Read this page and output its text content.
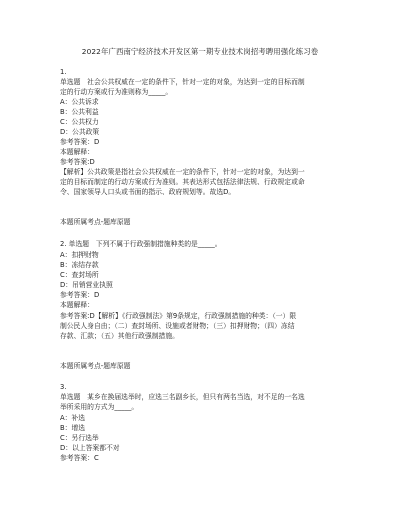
2022年广西南宁经济技术开发区第一期专业技术岗招考聘用强化练习卷
1.
单选题　社会公共权威在一定的条件下，针对一定的对象，为达到一定的目标而制
定的行动方案或行为准则称为_____。
A：公共诉求
B：公共利益
C：公共权力
D：公共政策
参考答案：D
本题解释：
参考答案:D
【解析】公共政策是指社会公共权威在一定的条件下，针对一定的对象，为达到一
定的目标而制定的行动方案或行为准则。其表达形式包括法律法规、行政规定或命
令、国家领导人口头或书面的指示、政府规划等。故选D。
本题所属考点-题库原题
2. 单选题　下列不属于行政强制措施种类的是_____。
A：扣押财物
B：冻结存款
C：查封场所
D：吊销营业执照
参考答案：D
本题解释：
参考答案:D【解析】《行政强制法》第9条规定，行政强制措施的种类：（一）限
制公民人身自由；（二）查封场所、设施或者财物；（三）扣押财物；（四）冻结
存款、汇款；（五）其他行政强制措施。
本题所属考点-题库原题
3.
单选题　某乡在换届选举时，应选三名副乡长，但只有两名当选，对不足的一名选
举所采用的方式为_____。
A：补选
B：增选
C：另行选举
D：以上答案都不对
参考答案：C
